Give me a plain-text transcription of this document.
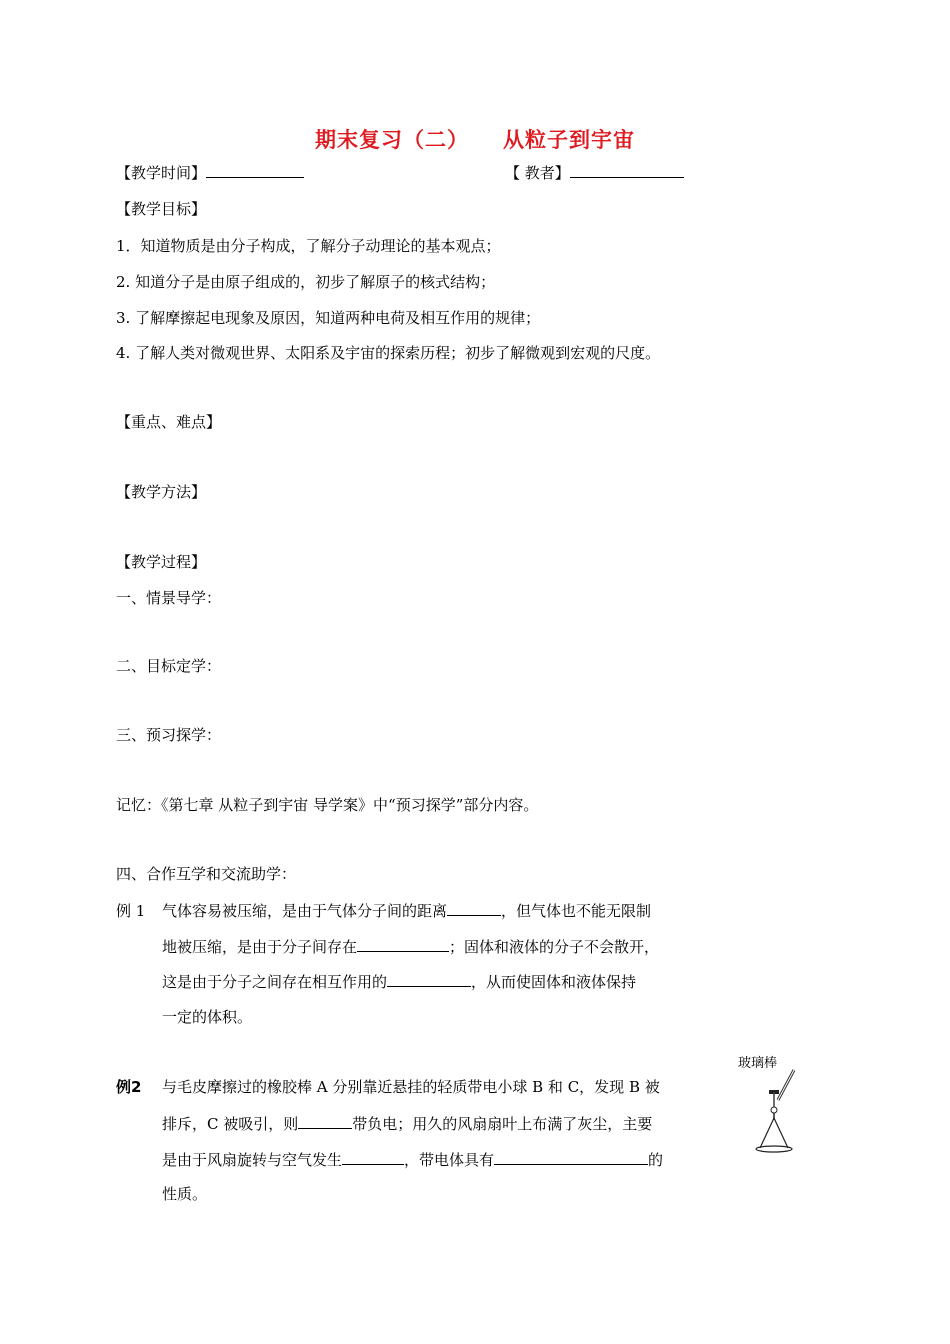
期末复习（二） 从粒子到宇宙
【教学时间】	【 教者】
【教学目标】
1．知道物质是由分子构成，了解分子动理论的基本观点；
2. 知道分子是由原子组成的，初步了解原子的核式结构；
3. 了解摩擦起电现象及原因，知道两种电荷及相互作用的规律；
4. 了解人类对微观世界、太阳系及宇宙的探索历程；初步了解微观到宏观的尺度。
【重点、难点】
【教学方法】
【教学过程】
一、情景导学：
二、目标定学：
三、预习探学：
记忆：《第七章 从粒子到宇宙 导学案》中“预习探学”部分内容。
四、合作互学和交流助学：
例 1 气体容易被压缩，是由于气体分子间的距离	，但气体也不能无限制
地被压缩，是由于分子间存在	；固体和液体的分子不会散开，
这是由于分子之间存在相互作用的	，从而使固体和液体保持
一定的体积。
例2 与毛皮摩擦过的橡胶棒 A 分别靠近悬挂的轻质带电小球 B 和 C，发现 B 被
排斥，C 被吸引，则	带负电；用久的风扇扇叶上布满了灰尘，主要
是由于风扇旋转与空气发生	，带电体具有	的
性质。
玻璃棒
